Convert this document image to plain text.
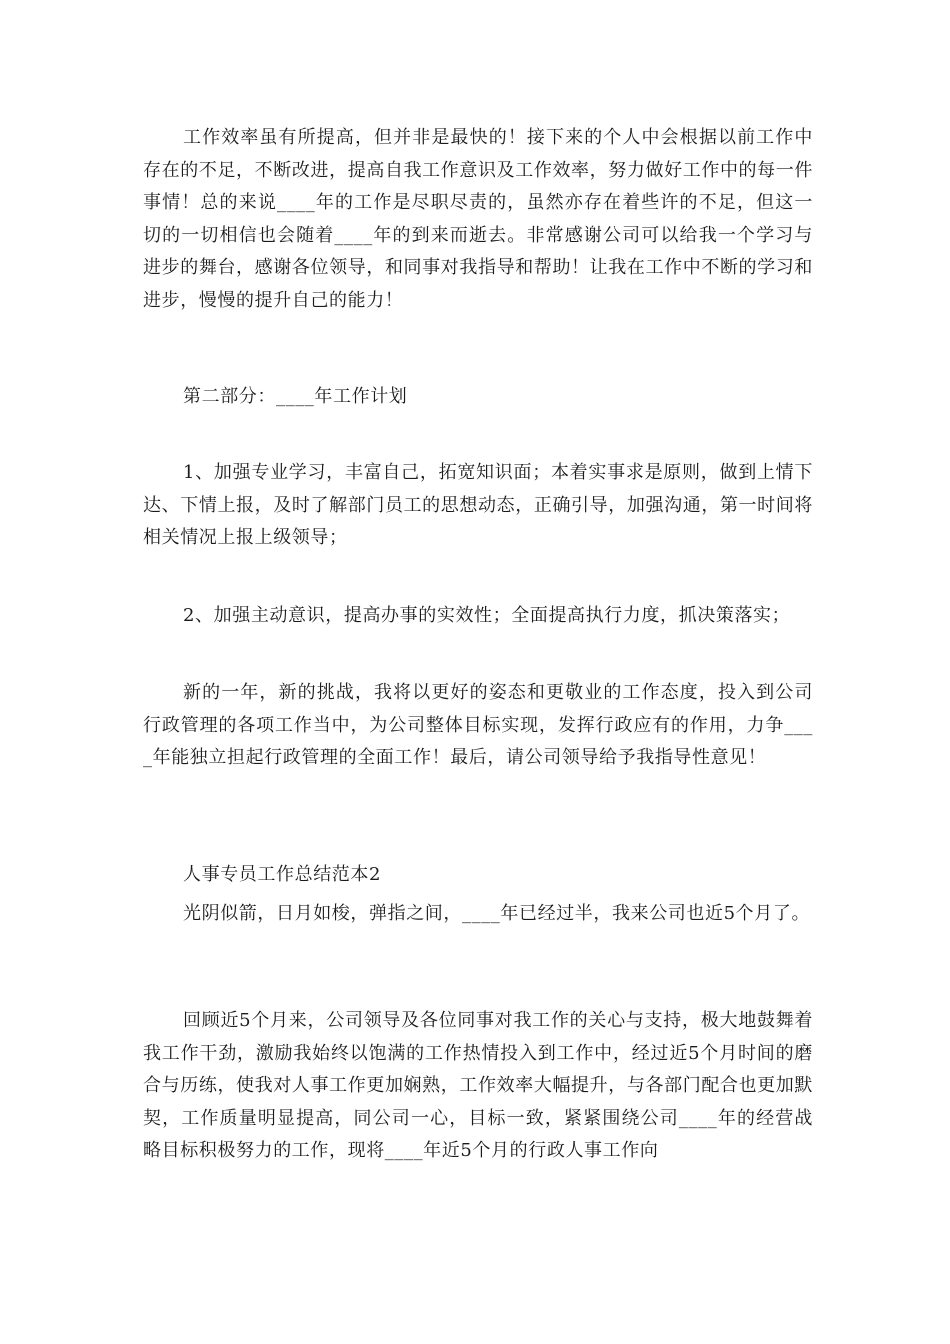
工作效率虽有所提高，但并非是最快的！接下来的个人中会根据以前工作中存在的不足，不断改进，提高自我工作意识及工作效率，努力做好工作中的每一件事情！总的来说____年的工作是尽职尽责的，虽然亦存在着些许的不足，但这一切的一切相信也会随着____年的到来而逝去。非常感谢公司可以给我一个学习与进步的舞台，感谢各位领导，和同事对我指导和帮助！让我在工作中不断的学习和进步，慢慢的提升自己的能力！

第二部分：____年工作计划

1、加强专业学习，丰富自己，拓宽知识面；本着实事求是原则，做到上情下达、下情上报，及时了解部门员工的思想动态，正确引导，加强沟通，第一时间将相关情况上报上级领导；

2、加强主动意识，提高办事的实效性；全面提高执行力度，抓决策落实；

新的一年，新的挑战，我将以更好的姿态和更敬业的工作态度，投入到公司行政管理的各项工作当中，为公司整体目标实现，发挥行政应有的作用，力争____年能独立担起行政管理的全面工作！最后，请公司领导给予我指导性意见！

人事专员工作总结范本2

光阴似箭，日月如梭，弹指之间，____年已经过半，我来公司也近5个月了。

回顾近5个月来，公司领导及各位同事对我工作的关心与支持，极大地鼓舞着我工作干劲，激励我始终以饱满的工作热情投入到工作中，经过近5个月时间的磨合与历练，使我对人事工作更加娴熟，工作效率大幅提升，与各部门配合也更加默契，工作质量明显提高，同公司一心，目标一致，紧紧围绕公司____年的经营战略目标积极努力的工作，现将____年近5个月的行政人事工作向
